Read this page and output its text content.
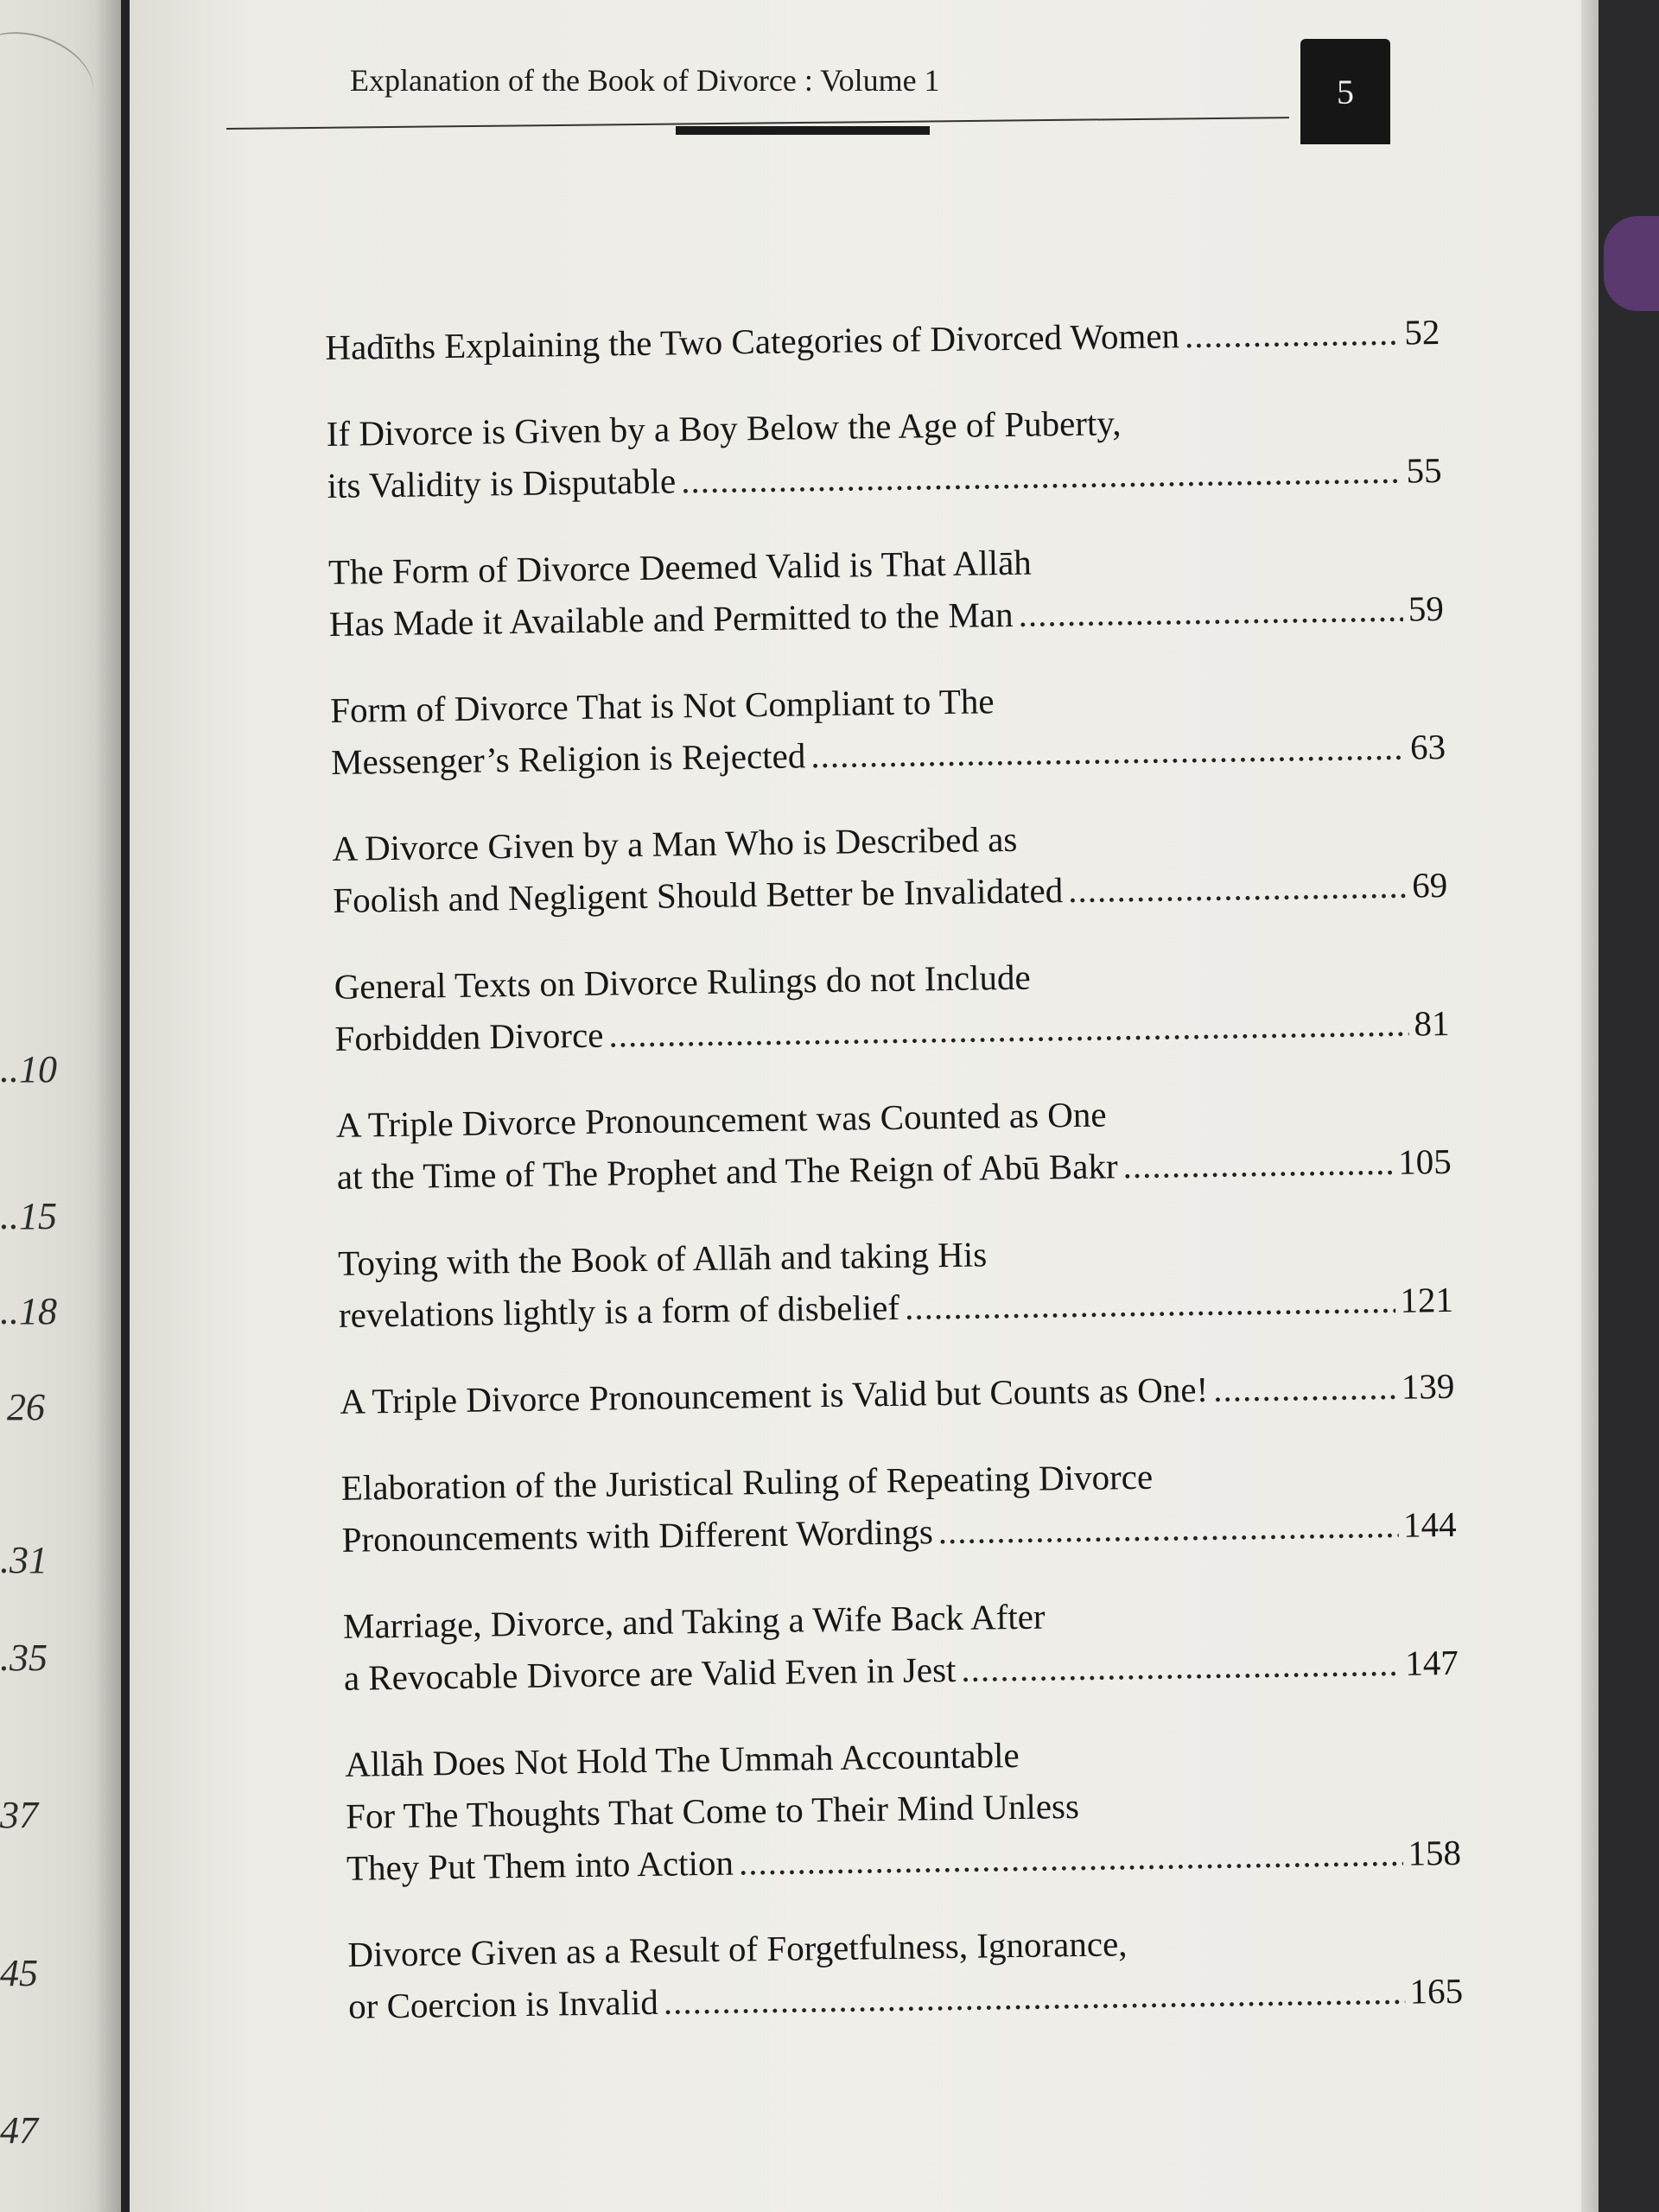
..10
..15
..18
26
.31
.35
37
45
47
Explanation of the Book of Divorce : Volume 1	5
Hadīths Explaining the Two Categories of Divorced Women .....	52
If Divorce is Given by a Boy Below the Age of Puberty,
its Validity is Disputable .....	55
The Form of Divorce Deemed Valid is That Allāh
Has Made it Available and Permitted to the Man .....	59
Form of Divorce That is Not Compliant to The
Messenger’s Religion is Rejected .....	63
A Divorce Given by a Man Who is Described as
Foolish and Negligent Should Better be Invalidated .....	69
General Texts on Divorce Rulings do not Include
Forbidden Divorce .....	81
A Triple Divorce Pronouncement was Counted as One
at the Time of The Prophet and The Reign of Abū Bakr .....	105
Toying with the Book of Allāh and taking His
revelations lightly is a form of disbelief .....	121
A Triple Divorce Pronouncement is Valid but Counts as One! .....	139
Elaboration of the Juristical Ruling of Repeating Divorce
Pronouncements with Different Wordings .....	144
Marriage, Divorce, and Taking a Wife Back After
a Revocable Divorce are Valid Even in Jest .....	147
Allāh Does Not Hold The Ummah Accountable
For The Thoughts That Come to Their Mind Unless
They Put Them into Action .....	158
Divorce Given as a Result of Forgetfulness, Ignorance,
or Coercion is Invalid .....	165
